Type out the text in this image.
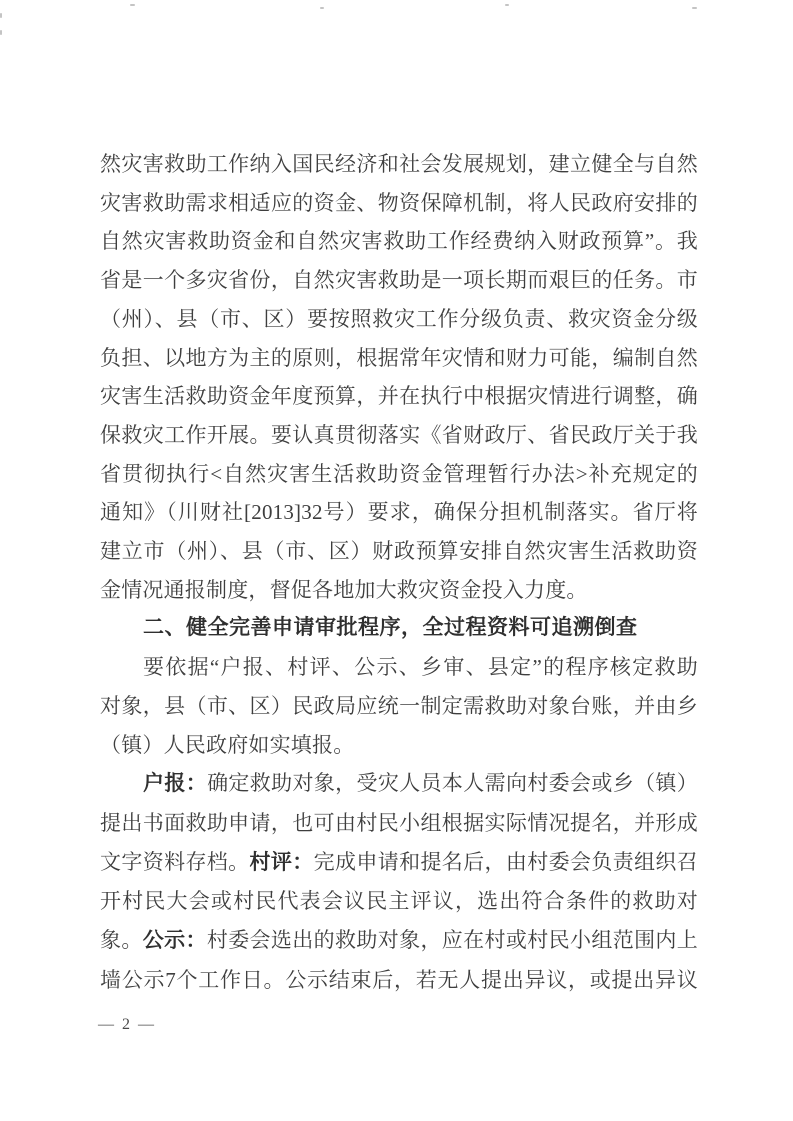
然灾害救助工作纳入国民经济和社会发展规划，建立健全与自然
灾害救助需求相适应的资金、物资保障机制，将人民政府安排的
自然灾害救助资金和自然灾害救助工作经费纳入财政预算”。我
省是一个多灾省份，自然灾害救助是一项长期而艰巨的任务。市
（州）、县（市、区）要按照救灾工作分级负责、救灾资金分级
负担、以地方为主的原则，根据常年灾情和财力可能，编制自然
灾害生活救助资金年度预算，并在执行中根据灾情进行调整，确
保救灾工作开展。要认真贯彻落实《省财政厅、省民政厅关于我
省贯彻执行<自然灾害生活救助资金管理暂行办法>补充规定的
通知》（川财社[2013]32号）要求，确保分担机制落实。省厅将
建立市（州）、县（市、区）财政预算安排自然灾害生活救助资
金情况通报制度，督促各地加大救灾资金投入力度。
二、健全完善申请审批程序，全过程资料可追溯倒查
要依据“户报、村评、公示、乡审、县定”的程序核定救助
对象，县（市、区）民政局应统一制定需救助对象台账，并由乡
（镇）人民政府如实填报。
户报：确定救助对象，受灾人员本人需向村委会或乡（镇）
提出书面救助申请，也可由村民小组根据实际情况提名，并形成
文字资料存档。村评：完成申请和提名后，由村委会负责组织召
开村民大会或村民代表会议民主评议，选出符合条件的救助对
象。公示：村委会选出的救助对象，应在村或村民小组范围内上
墙公示7个工作日。公示结束后，若无人提出异议，或提出异议
— 2 —
